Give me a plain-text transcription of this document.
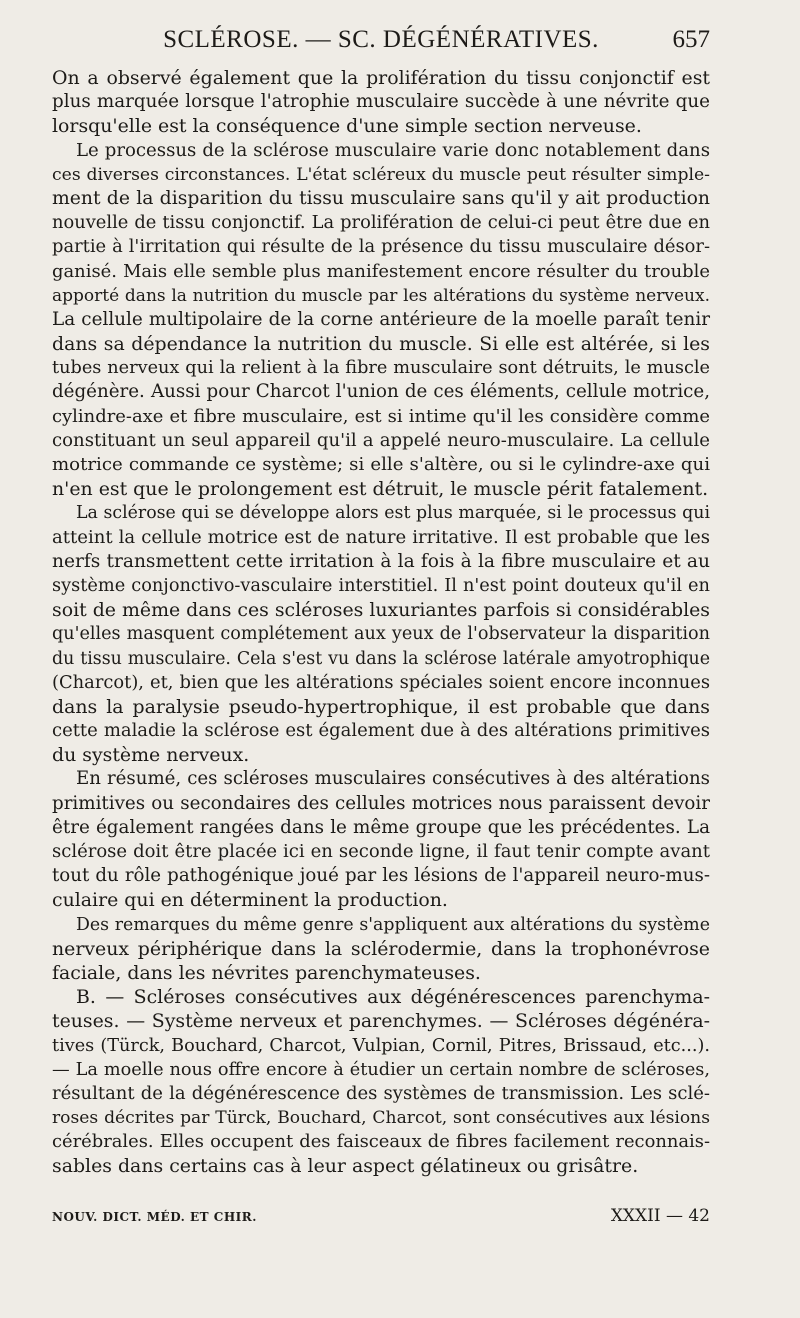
SCLÉROSE. — SC. DÉGÉNÉRATIVES.	657
On a observé également que la prolifération du tissu conjonctif est
plus marquée lorsque l'atrophie musculaire succède à une névrite que
lorsqu'elle est la conséquence d'une simple section nerveuse.
Le processus de la sclérose musculaire varie donc notablement dans
ces diverses circonstances. L'état scléreux du muscle peut résulter simple-
ment de la disparition du tissu musculaire sans qu'il y ait production
nouvelle de tissu conjonctif. La prolifération de celui-ci peut être due en
partie à l'irritation qui résulte de la présence du tissu musculaire désor-
ganisé. Mais elle semble plus manifestement encore résulter du trouble
apporté dans la nutrition du muscle par les altérations du système nerveux.
La cellule multipolaire de la corne antérieure de la moelle paraît tenir
dans sa dépendance la nutrition du muscle. Si elle est altérée, si les
tubes nerveux qui la relient à la fibre musculaire sont détruits, le muscle
dégénère. Aussi pour Charcot l'union de ces éléments, cellule motrice,
cylindre-axe et fibre musculaire, est si intime qu'il les considère comme
constituant un seul appareil qu'il a appelé neuro-musculaire. La cellule
motrice commande ce système; si elle s'altère, ou si le cylindre-axe qui
n'en est que le prolongement est détruit, le muscle périt fatalement.
La sclérose qui se développe alors est plus marquée, si le processus qui
atteint la cellule motrice est de nature irritative. Il est probable que les
nerfs transmettent cette irritation à la fois à la fibre musculaire et au
système conjonctivo-vasculaire interstitiel. Il n'est point douteux qu'il en
soit de même dans ces scléroses luxuriantes parfois si considérables
qu'elles masquent complétement aux yeux de l'observateur la disparition
du tissu musculaire. Cela s'est vu dans la sclérose latérale amyotrophique
(Charcot), et, bien que les altérations spéciales soient encore inconnues
dans la paralysie pseudo-hypertrophique, il est probable que dans
cette maladie la sclérose est également due à des altérations primitives
du système nerveux.
En résumé, ces scléroses musculaires consécutives à des altérations
primitives ou secondaires des cellules motrices nous paraissent devoir
être également rangées dans le même groupe que les précédentes. La
sclérose doit être placée ici en seconde ligne, il faut tenir compte avant
tout du rôle pathogénique joué par les lésions de l'appareil neuro-mus-
culaire qui en déterminent la production.
Des remarques du même genre s'appliquent aux altérations du système
nerveux périphérique dans la sclérodermie, dans la trophonévrose
faciale, dans les névrites parenchymateuses.
B. — Scléroses consécutives aux dégénérescences parenchyma-
teuses. — Système nerveux et parenchymes. — Scléroses dégénéra-
tives (Türck, Bouchard, Charcot, Vulpian, Cornil, Pitres, Brissaud, etc...).
— La moelle nous offre encore à étudier un certain nombre de scléroses,
résultant de la dégénérescence des systèmes de transmission. Les sclé-
roses décrites par Türck, Bouchard, Charcot, sont consécutives aux lésions
cérébrales. Elles occupent des faisceaux de fibres facilement reconnais-
sables dans certains cas à leur aspect gélatineux ou grisâtre.
NOUV. DICT. MÉD. ET CHIR.	XXXII — 42
